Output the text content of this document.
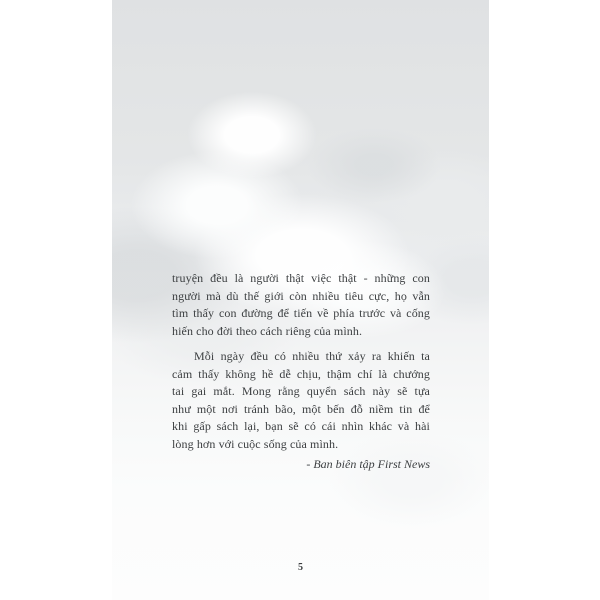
truyện đều là người thật việc thật - những con
người mà dù thế giới còn nhiều tiêu cực, họ vẫn
tìm thấy con đường để tiến về phía trước và cống
hiến cho đời theo cách riêng của mình.
Mỗi ngày đều có nhiều thứ xảy ra khiến ta
cảm thấy không hề dễ chịu, thậm chí là chướng
tai gai mắt. Mong rằng quyển sách này sẽ tựa
như một nơi tránh bão, một bến đỗ niềm tin để
khi gấp sách lại, bạn sẽ có cái nhìn khác và hài
lòng hơn với cuộc sống của mình.
- Ban biên tập First News
5
